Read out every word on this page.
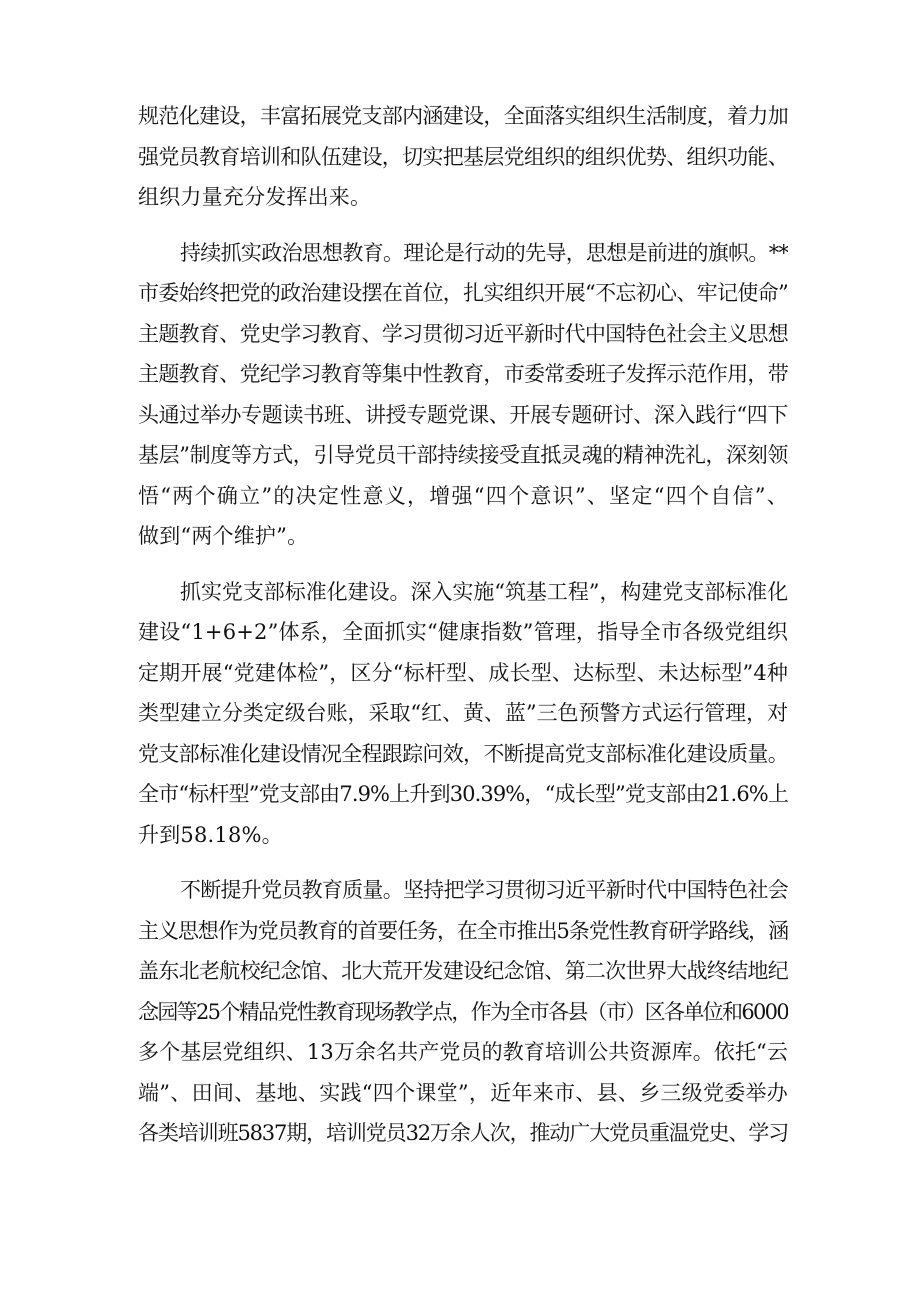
规范化建设，丰富拓展党支部内涵建设，全面落实组织生活制度，着力加
强党员教育培训和队伍建设，切实把基层党组织的组织优势、组织功能、
组织力量充分发挥出来。
持续抓实政治思想教育。理论是行动的先导，思想是前进的旗帜。**
市委始终把党的政治建设摆在首位，扎实组织开展“不忘初心、牢记使命”
主题教育、党史学习教育、学习贯彻习近平新时代中国特色社会主义思想
主题教育、党纪学习教育等集中性教育，市委常委班子发挥示范作用，带
头通过举办专题读书班、讲授专题党课、开展专题研讨、深入践行“四下
基层”制度等方式，引导党员干部持续接受直抵灵魂的精神洗礼，深刻领
悟“两个确立”的决定性意义，增强“四个意识”、坚定“四个自信”、
做到“两个维护”。
抓实党支部标准化建设。深入实施“筑基工程”，构建党支部标准化
建设“1+6+2”体系，全面抓实“健康指数”管理，指导全市各级党组织
定期开展“党建体检”，区分“标杆型、成长型、达标型、未达标型”4种
类型建立分类定级台账，采取“红、黄、蓝”三色预警方式运行管理，对
党支部标准化建设情况全程跟踪问效，不断提高党支部标准化建设质量。
全市“标杆型”党支部由7.9%上升到30.39%，“成长型”党支部由21.6%上
升到58.18%。
不断提升党员教育质量。坚持把学习贯彻习近平新时代中国特色社会
主义思想作为党员教育的首要任务，在全市推出5条党性教育研学路线，涵
盖东北老航校纪念馆、北大荒开发建设纪念馆、第二次世界大战终结地纪
念园等25个精品党性教育现场教学点，作为全市各县（市）区各单位和6000
多个基层党组织、13万余名共产党员的教育培训公共资源库。依托“云
端”、田间、基地、实践“四个课堂”，近年来市、县、乡三级党委举办
各类培训班5837期，培训党员32万余人次，推动广大党员重温党史、学习
